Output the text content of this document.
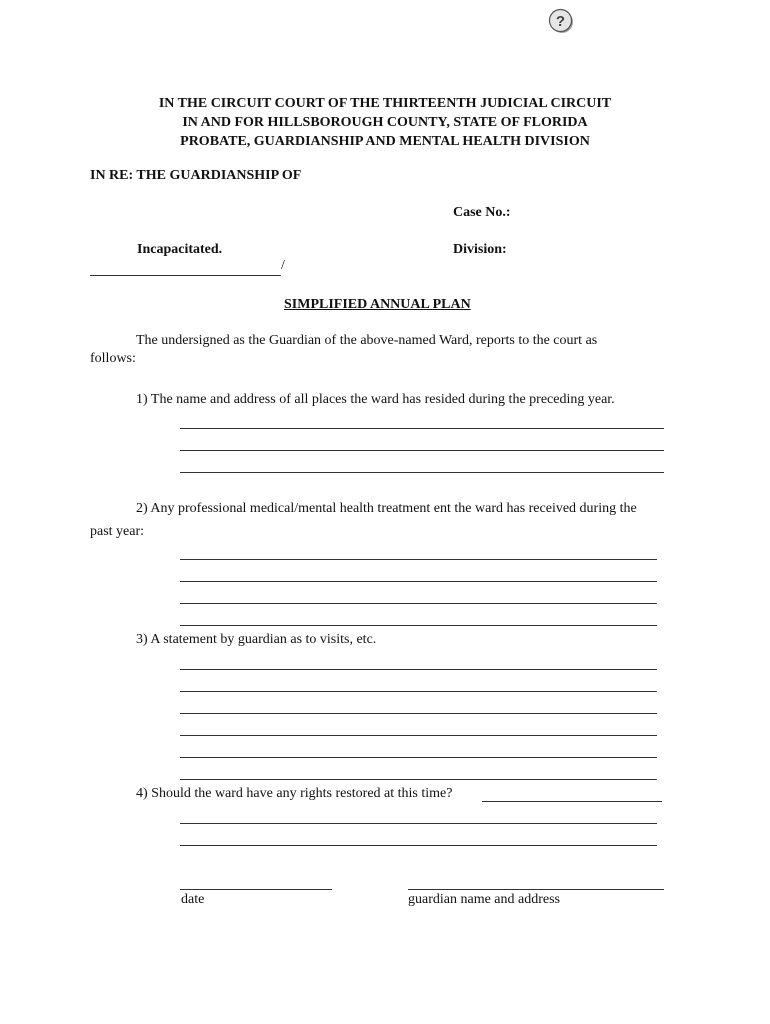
?
IN THE CIRCUIT COURT OF THE THIRTEENTH JUDICIAL CIRCUIT
IN AND FOR HILLSBOROUGH COUNTY, STATE OF FLORIDA
PROBATE, GUARDIANSHIP AND MENTAL HEALTH DIVISION
IN RE: THE GUARDIANSHIP OF
Case No.:
Incapacitated.	Division:
/
SIMPLIFIED ANNUAL PLAN
The undersigned as the Guardian of the above-named Ward, reports to the court as
follows:
1) The name and address of all places the ward has resided during the preceding year.
2) Any professional medical/mental health treatment ent the ward has received during the
past year:
3) A statement by guardian as to visits, etc.
4) Should the ward have any rights restored at this time?
date	guardian name and address
